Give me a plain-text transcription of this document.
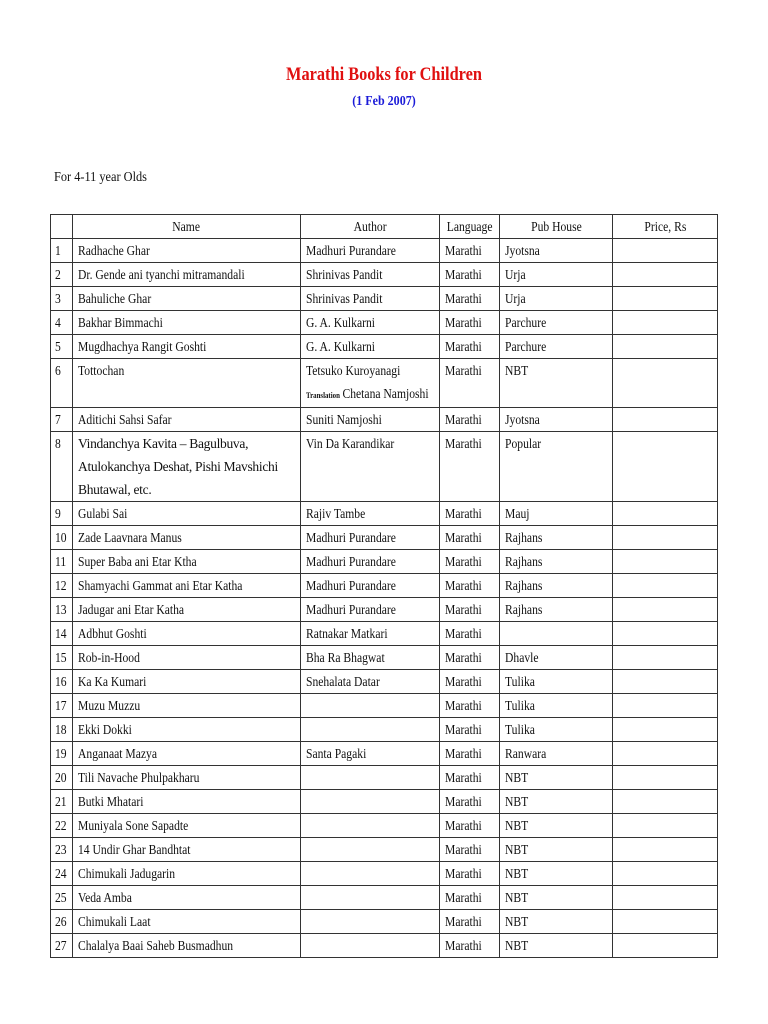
Marathi Books for Children
(1 Feb 2007)
For 4-11 year Olds
	Name	Author	Language	Pub House	Price, Rs
1	Radhache Ghar	Madhuri Purandare	Marathi	Jyotsna	
2	Dr. Gende ani tyanchi mitramandali	Shrinivas Pandit	Marathi	Urja	
3	Bahuliche Ghar	Shrinivas Pandit	Marathi	Urja	
4	Bakhar Bimmachi	G. A. Kulkarni	Marathi	Parchure	
5	Mugdhachya Rangit Goshti	G. A. Kulkarni	Marathi	Parchure	
6	Tottochan	Tetsuko Kuroyanagi
Translation Chetana Namjoshi	Marathi	NBT	
7	Aditichi Sahsi Safar	Suniti Namjoshi	Marathi	Jyotsna	
8	Vindanchya Kavita – Bagulbuva, Atulokanchya Deshat, Pishi Mavshichi Bhutawal, etc.	Vin Da Karandikar	Marathi	Popular	
9	Gulabi Sai	Rajiv Tambe	Marathi	Mauj	
10	Zade Laavnara Manus	Madhuri Purandare	Marathi	Rajhans	
11	Super Baba ani Etar Ktha	Madhuri Purandare	Marathi	Rajhans	
12	Shamyachi Gammat ani Etar Katha	Madhuri Purandare	Marathi	Rajhans	
13	Jadugar ani Etar Katha	Madhuri Purandare	Marathi	Rajhans	
14	Adbhut Goshti	Ratnakar Matkari	Marathi		
15	Rob-in-Hood	Bha Ra Bhagwat	Marathi	Dhavle	
16	Ka Ka Kumari	Snehalata Datar	Marathi	Tulika	
17	Muzu Muzzu		Marathi	Tulika	
18	Ekki Dokki		Marathi	Tulika	
19	Anganaat Mazya	Santa Pagaki	Marathi	Ranwara	
20	Tili Navache Phulpakharu		Marathi	NBT	
21	Butki Mhatari		Marathi	NBT	
22	Muniyala Sone Sapadte		Marathi	NBT	
23	14 Undir Ghar Bandhtat		Marathi	NBT	
24	Chimukali Jadugarin		Marathi	NBT	
25	Veda Amba		Marathi	NBT	
26	Chimukali Laat		Marathi	NBT	
27	Chalalya Baai Saheb Busmadhun		Marathi	NBT	
